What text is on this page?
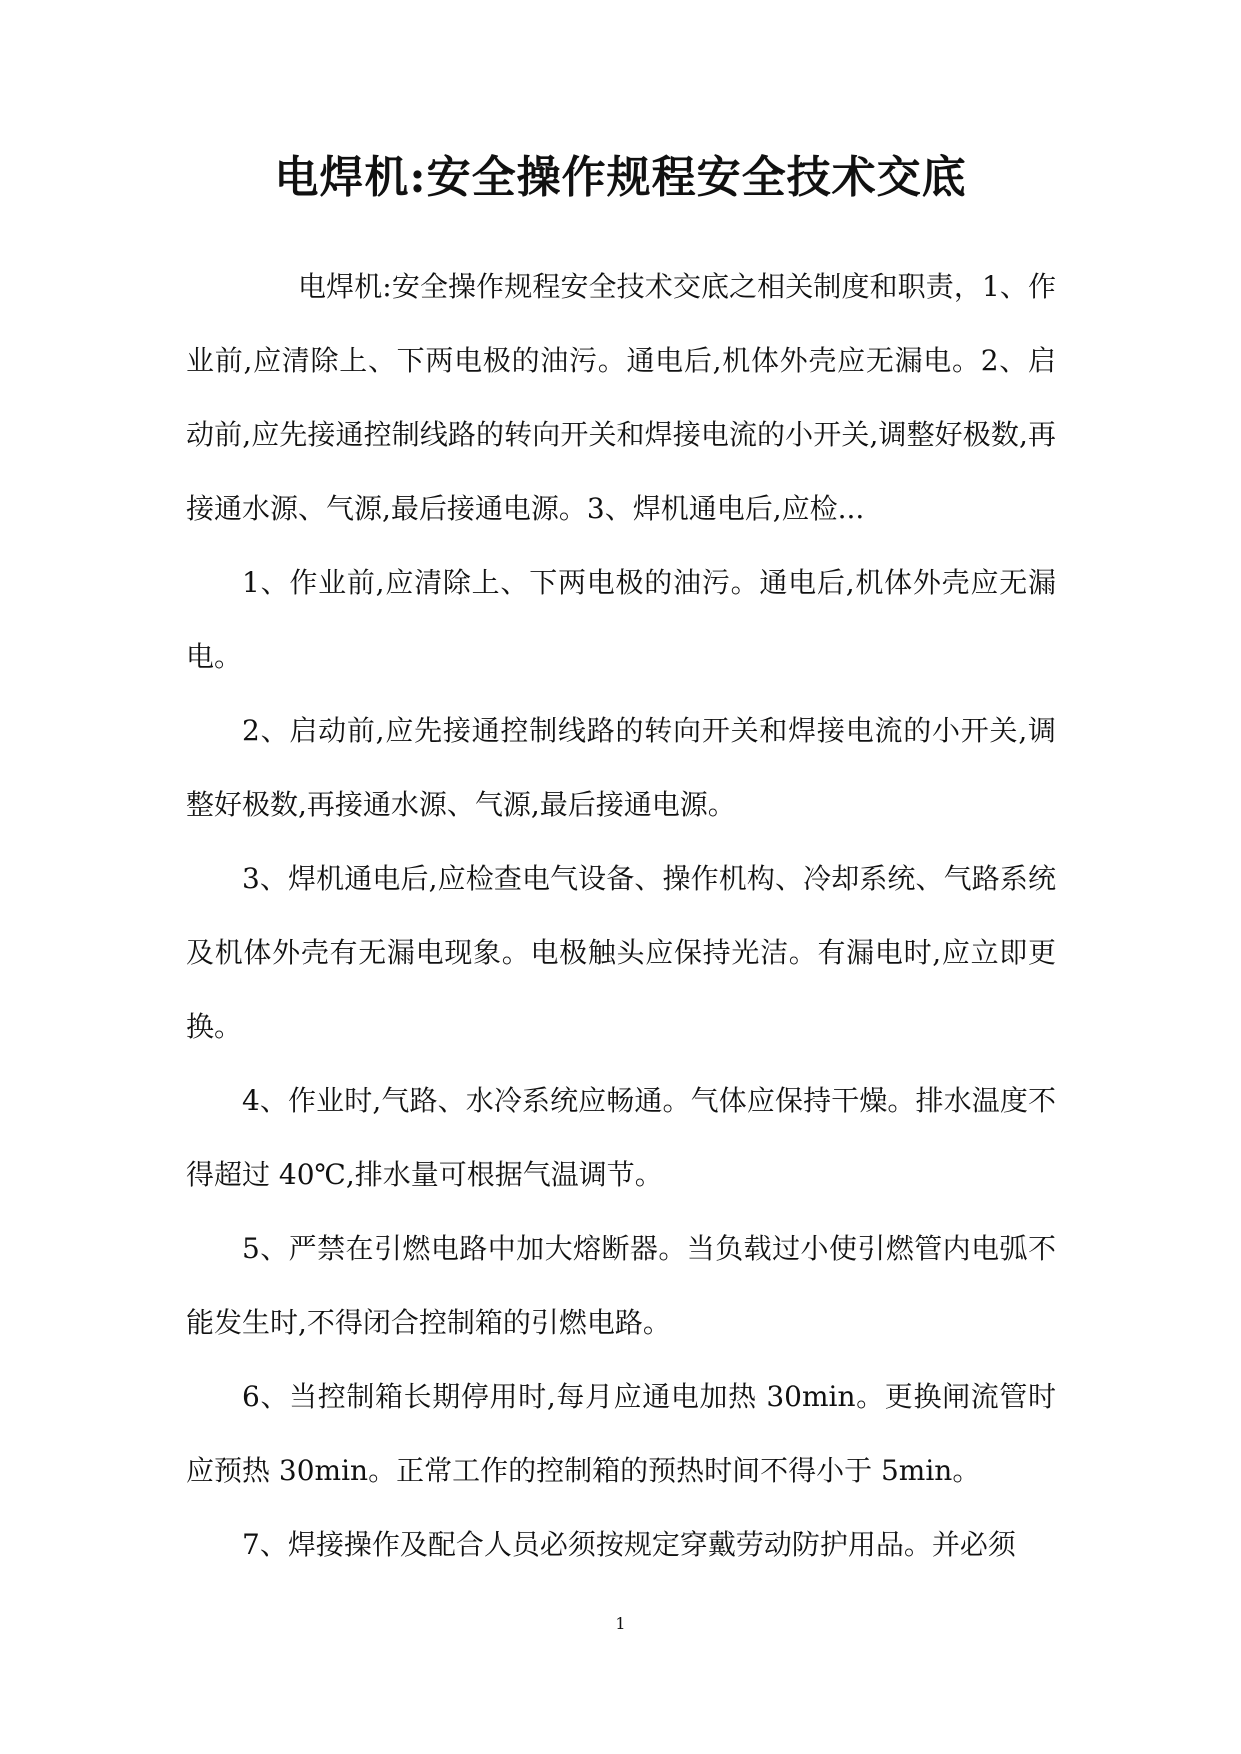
电焊机:安全操作规程安全技术交底

电焊机:安全操作规程安全技术交底之相关制度和职责，1、作业前,应清除上、下两电极的油污。通电后,机体外壳应无漏电。2、启动前,应先接通控制线路的转向开关和焊接电流的小开关,调整好极数,再接通水源、气源,最后接通电源。3、焊机通电后,应检...

1、作业前,应清除上、下两电极的油污。通电后,机体外壳应无漏电。

2、启动前,应先接通控制线路的转向开关和焊接电流的小开关,调整好极数,再接通水源、气源,最后接通电源。

3、焊机通电后,应检查电气设备、操作机构、冷却系统、气路系统及机体外壳有无漏电现象。电极触头应保持光洁。有漏电时,应立即更换。

4、作业时,气路、水冷系统应畅通。气体应保持干燥。排水温度不得超过 40℃,排水量可根据气温调节。

5、严禁在引燃电路中加大熔断器。当负载过小使引燃管内电弧不能发生时,不得闭合控制箱的引燃电路。

6、当控制箱长期停用时,每月应通电加热 30min。更换闸流管时应预热 30min。正常工作的控制箱的预热时间不得小于 5min。

7、焊接操作及配合人员必须按规定穿戴劳动防护用品。并必须

1
